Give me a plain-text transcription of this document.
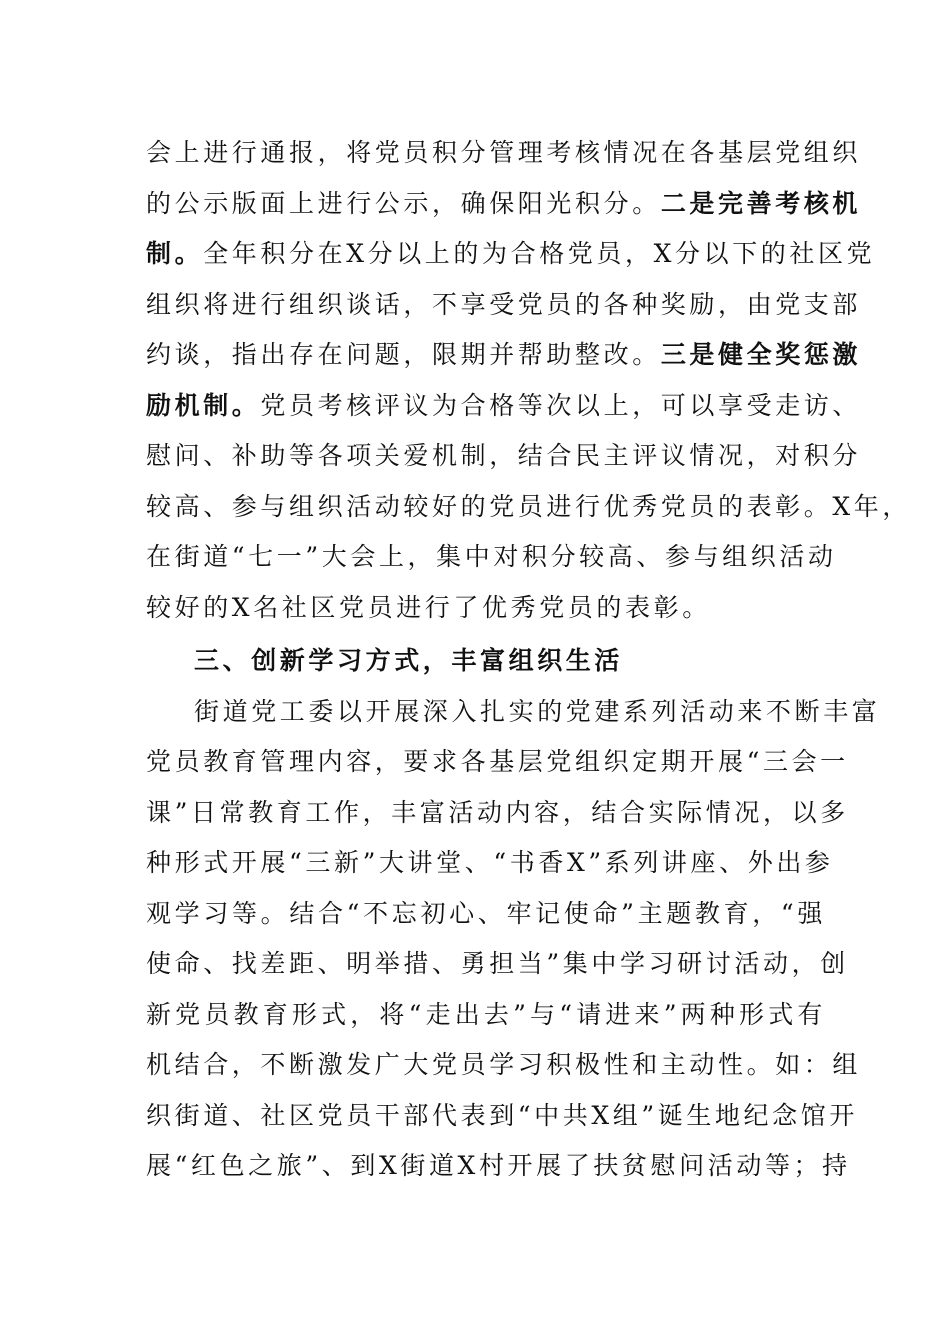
会上进行通报，将党员积分管理考核情况在各基层党组织
的公示版面上进行公示，确保阳光积分。二是完善考核机
制。全年积分在X分以上的为合格党员，X分以下的社区党
组织将进行组织谈话，不享受党员的各种奖励，由党支部
约谈，指出存在问题，限期并帮助整改。三是健全奖惩激
励机制。党员考核评议为合格等次以上，可以享受走访、
慰问、补助等各项关爱机制，结合民主评议情况，对积分
较高、参与组织活动较好的党员进行优秀党员的表彰。X年，
在街道“七一”大会上，集中对积分较高、参与组织活动
较好的X名社区党员进行了优秀党员的表彰。
三、创新学习方式，丰富组织生活
街道党工委以开展深入扎实的党建系列活动来不断丰富
党员教育管理内容，要求各基层党组织定期开展“三会一
课”日常教育工作，丰富活动内容，结合实际情况，以多
种形式开展“三新”大讲堂、“书香X”系列讲座、外出参
观学习等。结合“不忘初心、牢记使命”主题教育，“强
使命、找差距、明举措、勇担当”集中学习研讨活动，创
新党员教育形式，将“走出去”与“请进来”两种形式有
机结合，不断激发广大党员学习积极性和主动性。如：组
织街道、社区党员干部代表到“中共X组”诞生地纪念馆开
展“红色之旅”、到X街道X村开展了扶贫慰问活动等；持
